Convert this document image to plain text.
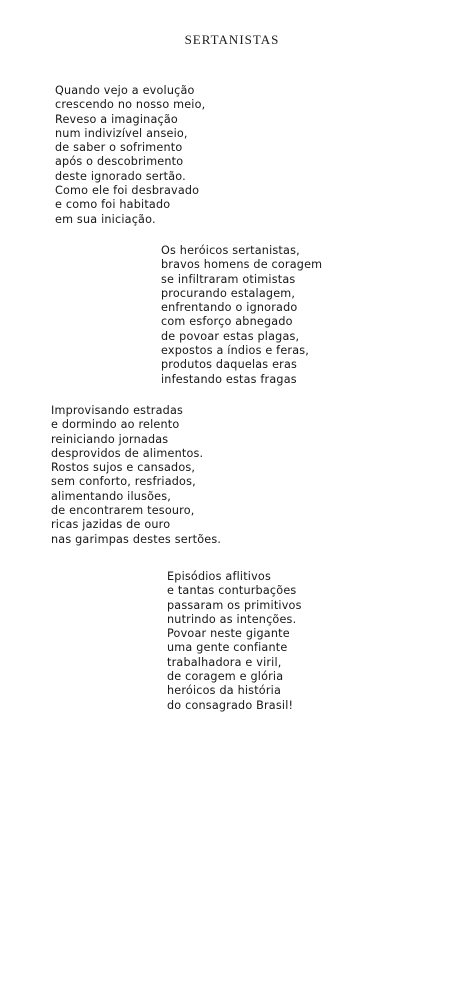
SERTANISTAS
Quando vejo a evolução
crescendo no nosso meio,
Reveso a imaginação
num indivizível anseio,
de saber o sofrimento
após o descobrimento
deste ignorado sertão.
Como ele foi desbravado
e como foi habitado
em sua iniciação.
Os heróicos sertanistas,
bravos homens de coragem
se infiltraram otimistas
procurando estalagem,
enfrentando o ignorado
com esforço abnegado
de povoar estas plagas,
expostos a índios e feras,
produtos daquelas eras
infestando estas fragas
Improvisando estradas
e dormindo ao relento
reiniciando jornadas
desprovidos de alimentos.
Rostos sujos e cansados,
sem conforto, resfriados,
alimentando ilusões,
de encontrarem tesouro,
ricas jazidas de ouro
nas garimpas destes sertões.
Episódios aflitivos
e tantas conturbações
passaram os primitivos
nutrindo as intenções.
Povoar neste gigante
uma gente confiante
trabalhadora e viril,
de coragem e glória
heróicos da história
do consagrado Brasil!
